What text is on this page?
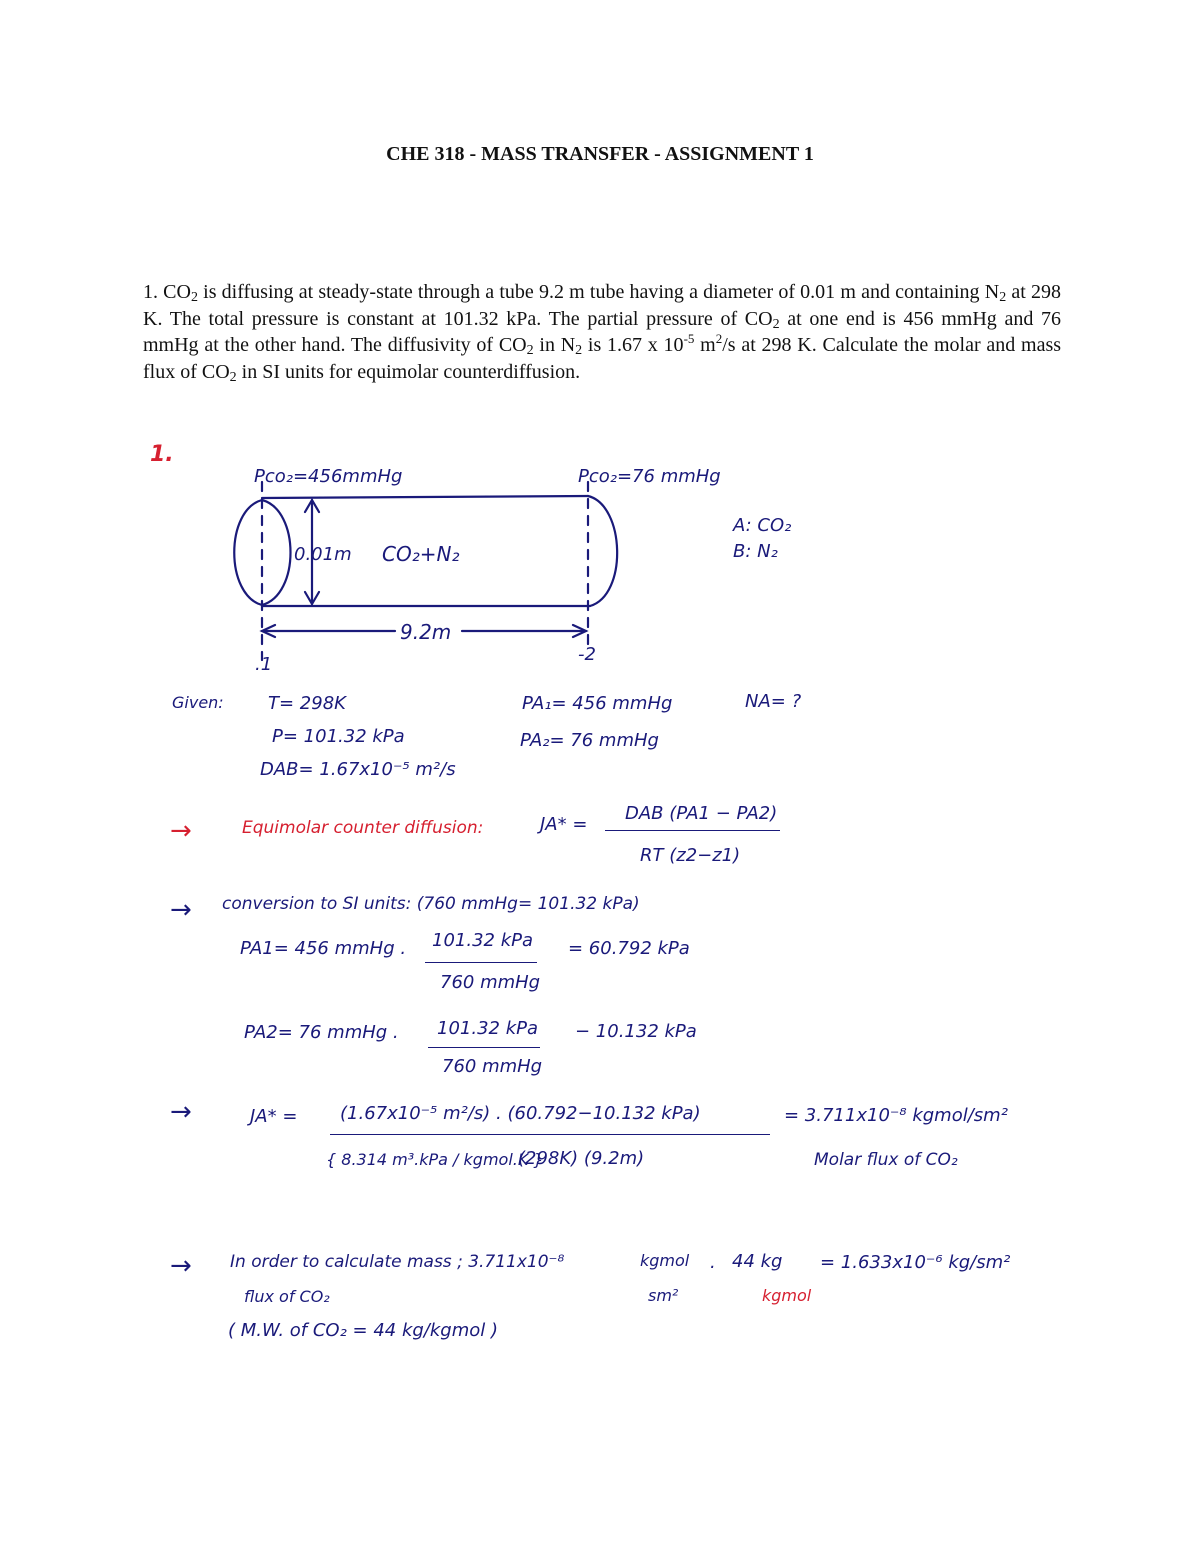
CHE 318 - MASS TRANSFER - ASSIGNMENT 1
1. $CO_2$ is diffusing at steady-state through a tube 9.2 m tube having a diameter of 0.01 m and containing $N_2$ at 298 K. The total pressure is constant at 101.32 kPa. The partial pressure of $CO_2$ at one end is 456 mmHg and 76 mmHg at the other hand. The diffusivity of $CO_2$ in $N_2$ is 1.67 x $10^{-5}$ $m^2/s$ at 298 K. Calculate the molar and mass flux of $CO_2$ in SI units for equimolar counterdiffusion.
1.
Pco₂=456mmHg	Pco₂=76 mmHg
0.01m CO₂+N₂
9.2m
.1	-2
A: CO₂
B: N₂
Given: T= 298K
P= 101.32 kPa
DAB= 1.67x10⁻⁵ m²/s
PA₁= 456 mmHg
PA₂= 76 mmHg
NA= ?
→	Equimolar counter diffusion:	JA* =
DAB (PA1 − PA2)
RT (z2−z1)
→ conversion to SI units: (760 mmHg= 101.32 kPa)
PA1= 456 mmHg . 101.32 kPa
760 mmHg
= 60.792 kPa
PA2= 76 mmHg . 101.32 kPa
760 mmHg
− 10.132 kPa
→	JA* = (1.67x10⁻⁵ m²/s) . (60.792−10.132 kPa)
{ 8.314 m³.kPa / kgmol.K }
(298K) (9.2m)
= 3.711x10⁻⁸ kgmol/sm²
Molar flux of CO₂
→ In order to calculate mass ; 3.711x10⁻⁸	kgmol
sm²
. 44 kg
kgmol
= 1.633x10⁻⁶ kg/sm²
flux of CO₂
( M.W. of CO₂ = 44 kg/kgmol )
